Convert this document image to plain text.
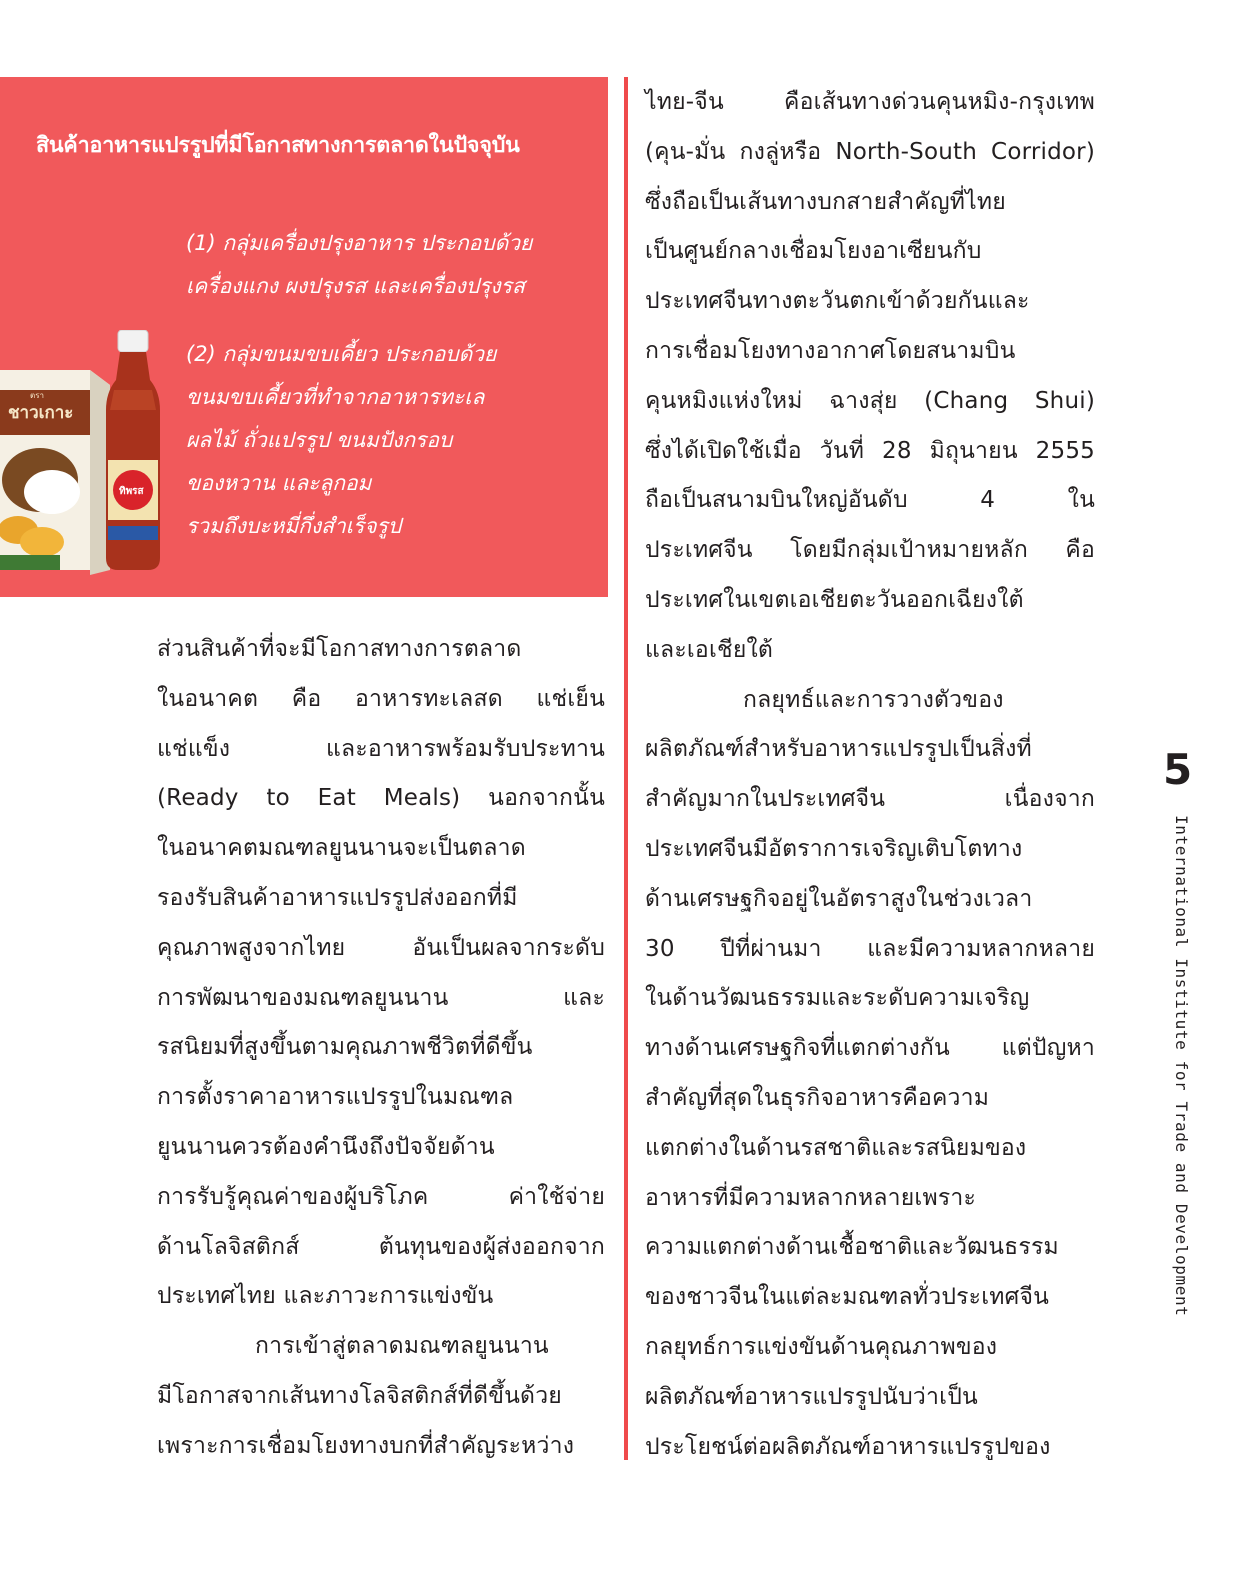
ชาวเกาะ
ตรา
ทิพรส
สินค้าอาหารแปรรูปที่มีโอกาสทางการตลาดในปัจจุบัน

(1) กลุ่มเครื่องปรุงอาหาร ประกอบด้วย
เครื่องแกง ผงปรุงรส และเครื่องปรุงรส

(2) กลุ่มขนมขบเคี้ยว ประกอบด้วย
ขนมขบเคี้ยวที่ทำจากอาหารทะเล
ผลไม้ ถั่วแปรรูป ขนมปังกรอบ
ของหวาน และลูกอม
รวมถึงบะหมี่กึ่งสำเร็จรูป

ส่วนสินค้าที่จะมีโอกาสทางการตลาด
ในอนาคต คือ อาหารทะเลสด แช่เย็น
แช่แข็ง และอาหารพร้อมรับประทาน
(Ready to Eat Meals) นอกจากนั้น
ในอนาคตมณฑลยูนนานจะเป็นตลาด
รองรับสินค้าอาหารแปรรูปส่งออกที่มี
คุณภาพสูงจากไทย อันเป็นผลจากระดับ
การพัฒนาของมณฑลยูนนาน และ
รสนิยมที่สูงขึ้นตามคุณภาพชีวิตที่ดีขึ้น
การตั้งราคาอาหารแปรรูปในมณฑล
ยูนนานควรต้องคำนึงถึงปัจจัยด้าน
การรับรู้คุณค่าของผู้บริโภค ค่าใช้จ่าย
ด้านโลจิสติกส์ ต้นทุนของผู้ส่งออกจาก
ประเทศไทย และภาวะการแข่งขัน
การเข้าสู่ตลาดมณฑลยูนนาน
มีโอกาสจากเส้นทางโลจิสติกส์ที่ดีขึ้นด้วย
เพราะการเชื่อมโยงทางบกที่สำคัญระหว่าง

ไทย-จีน คือเส้นทางด่วนคุนหมิง-กรุงเทพ
(คุน-มั่น กงลู่หรือ North-South Corridor)
ซึ่งถือเป็นเส้นทางบกสายสำคัญที่ไทย
เป็นศูนย์กลางเชื่อมโยงอาเซียนกับ
ประเทศจีนทางตะวันตกเข้าด้วยกันและ
การเชื่อมโยงทางอากาศโดยสนามบิน
คุนหมิงแห่งใหม่ ฉางสุ่ย (Chang Shui)
ซึ่งได้เปิดใช้เมื่อ วันที่ 28 มิถุนายน 2555
ถือเป็นสนามบินใหญ่อันดับ 4 ใน
ประเทศจีน โดยมีกลุ่มเป้าหมายหลัก คือ
ประเทศในเขตเอเชียตะวันออกเฉียงใต้
และเอเชียใต้
กลยุทธ์และการวางตัวของ
ผลิตภัณฑ์สำหรับอาหารแปรรูปเป็นสิ่งที่
สำคัญมากในประเทศจีน เนื่องจาก
ประเทศจีนมีอัตราการเจริญเติบโตทาง
ด้านเศรษฐกิจอยู่ในอัตราสูงในช่วงเวลา
30 ปีที่ผ่านมา และมีความหลากหลาย
ในด้านวัฒนธรรมและระดับความเจริญ
ทางด้านเศรษฐกิจที่แตกต่างกัน แต่ปัญหา
สำคัญที่สุดในธุรกิจอาหารคือความ
แตกต่างในด้านรสชาติและรสนิยมของ
อาหารที่มีความหลากหลายเพราะ
ความแตกต่างด้านเชื้อชาติและวัฒนธรรม
ของชาวจีนในแต่ละมณฑลทั่วประเทศจีน
กลยุทธ์การแข่งขันด้านคุณภาพของ
ผลิตภัณฑ์อาหารแปรรูปนับว่าเป็น
ประโยชน์ต่อผลิตภัณฑ์อาหารแปรรูปของ

5

International Institute for Trade and Development
